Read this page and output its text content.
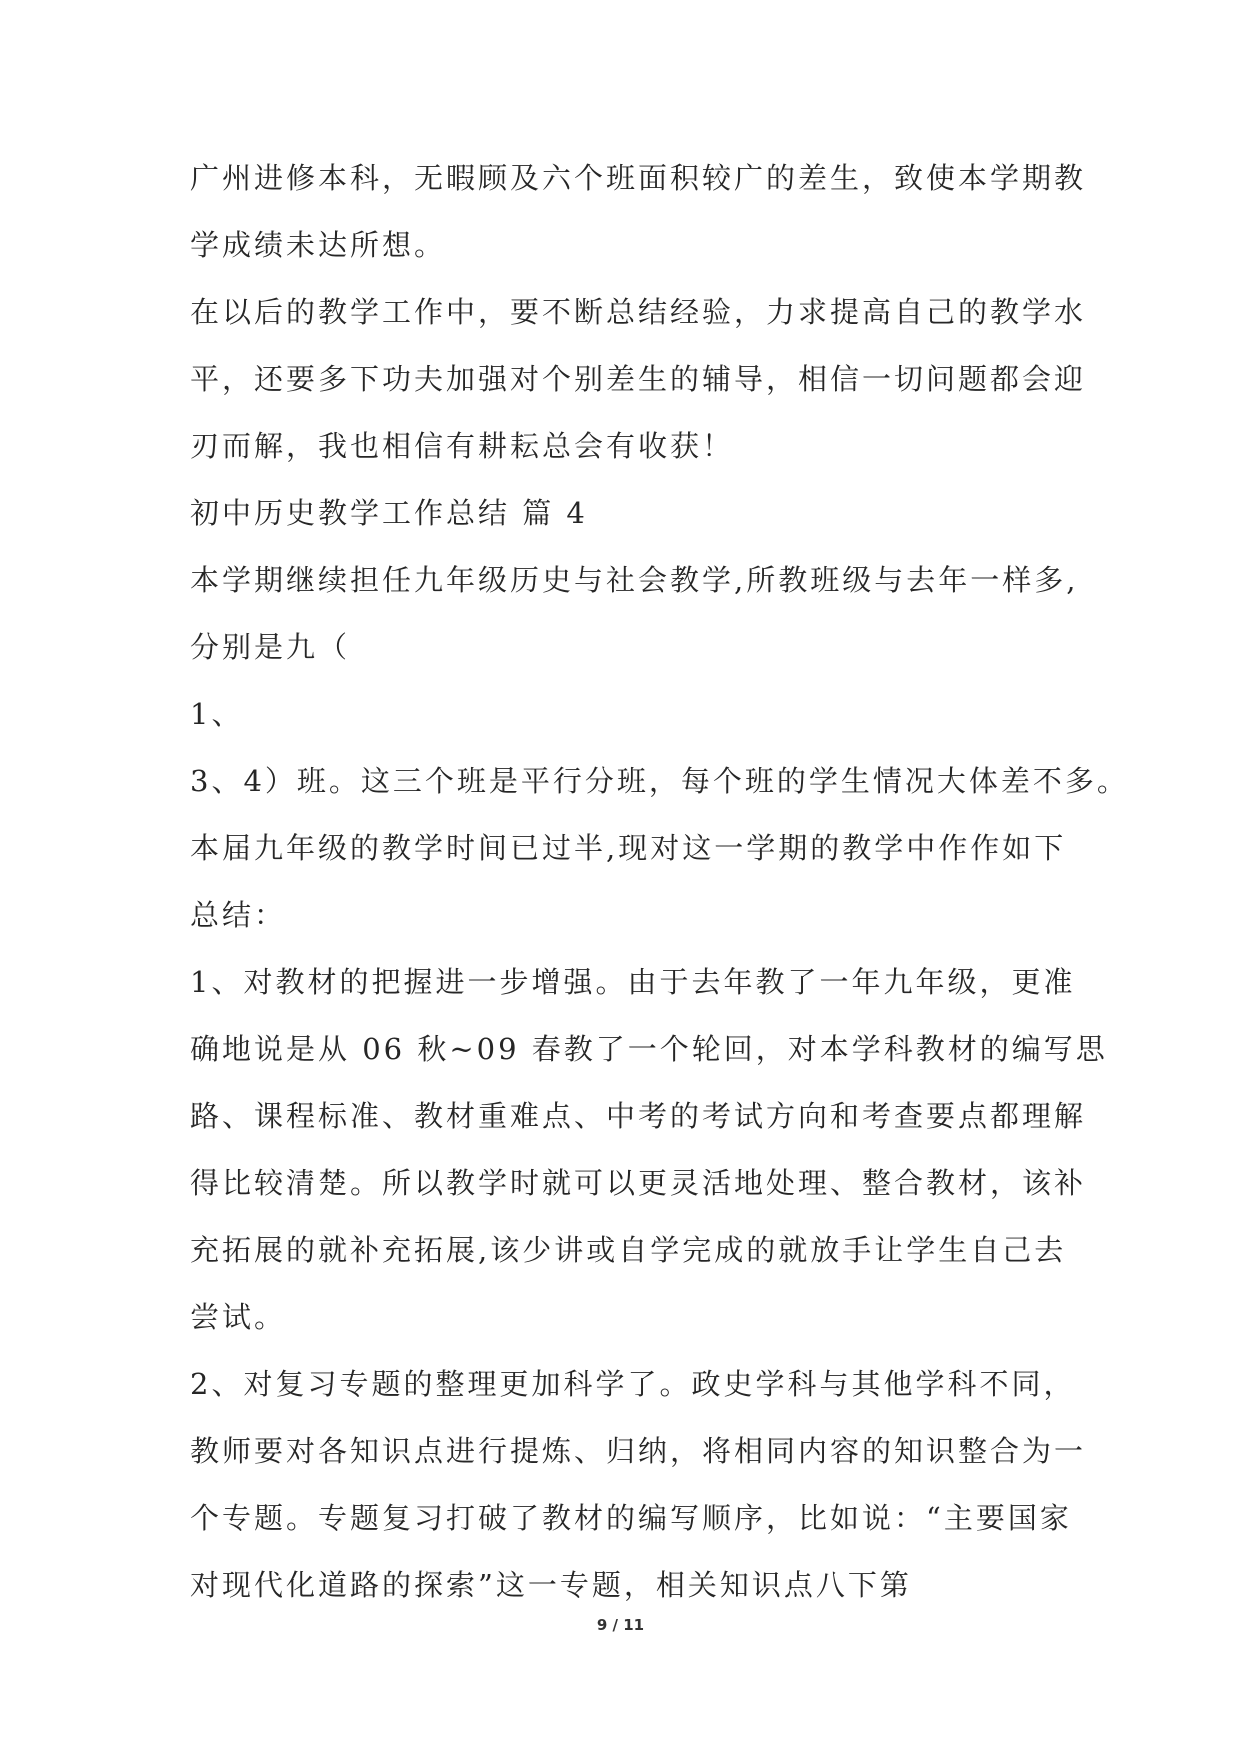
广州进修本科，无暇顾及六个班面积较广的差生，致使本学期教
学成绩未达所想。
在以后的教学工作中，要不断总结经验，力求提高自己的教学水
平，还要多下功夫加强对个别差生的辅导，相信一切问题都会迎
刃而解，我也相信有耕耘总会有收获！
初中历史教学工作总结 篇 4
本学期继续担任九年级历史与社会教学,所教班级与去年一样多,
分别是九（
1、
3、4）班。这三个班是平行分班，每个班的学生情况大体差不多。
本届九年级的教学时间已过半,现对这一学期的教学中作作如下
总结：
1、对教材的把握进一步增强。由于去年教了一年九年级，更准
确地说是从 06 秋~09 春教了一个轮回，对本学科教材的编写思
路、课程标准、教材重难点、中考的考试方向和考查要点都理解
得比较清楚。所以教学时就可以更灵活地处理、整合教材，该补
充拓展的就补充拓展,该少讲或自学完成的就放手让学生自己去
尝试。
2、对复习专题的整理更加科学了。政史学科与其他学科不同，
教师要对各知识点进行提炼、归纳，将相同内容的知识整合为一
个专题。专题复习打破了教材的编写顺序，比如说：“主要国家
对现代化道路的探索”这一专题，相关知识点八下第
9 / 11
